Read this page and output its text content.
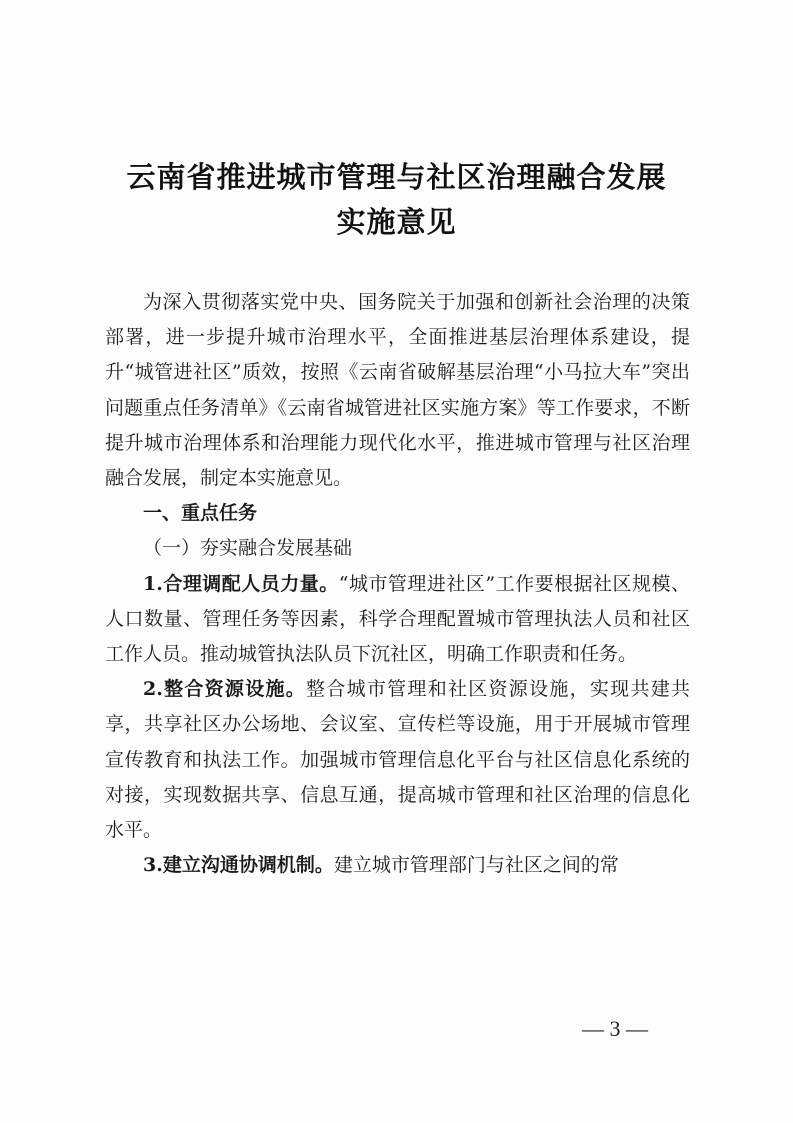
云南省推进城市管理与社区治理融合发展
实施意见

为深入贯彻落实党中央、国务院关于加强和创新社会治理的决策部署，进一步提升城市治理水平，全面推进基层治理体系建设，提升“城管进社区”质效，按照《云南省破解基层治理“小马拉大车”突出问题重点任务清单》《云南省城管进社区实施方案》等工作要求，不断提升城市治理体系和治理能力现代化水平，推进城市管理与社区治理融合发展，制定本实施意见。

一、重点任务

（一）夯实融合发展基础

1.合理调配人员力量。“城市管理进社区”工作要根据社区规模、人口数量、管理任务等因素，科学合理配置城市管理执法人员和社区工作人员。推动城管执法队员下沉社区，明确工作职责和任务。

2.整合资源设施。整合城市管理和社区资源设施，实现共建共享，共享社区办公场地、会议室、宣传栏等设施，用于开展城市管理宣传教育和执法工作。加强城市管理信息化平台与社区信息化系统的对接，实现数据共享、信息互通，提高城市管理和社区治理的信息化水平。

3.建立沟通协调机制。建立城市管理部门与社区之间的常

— 3 —
